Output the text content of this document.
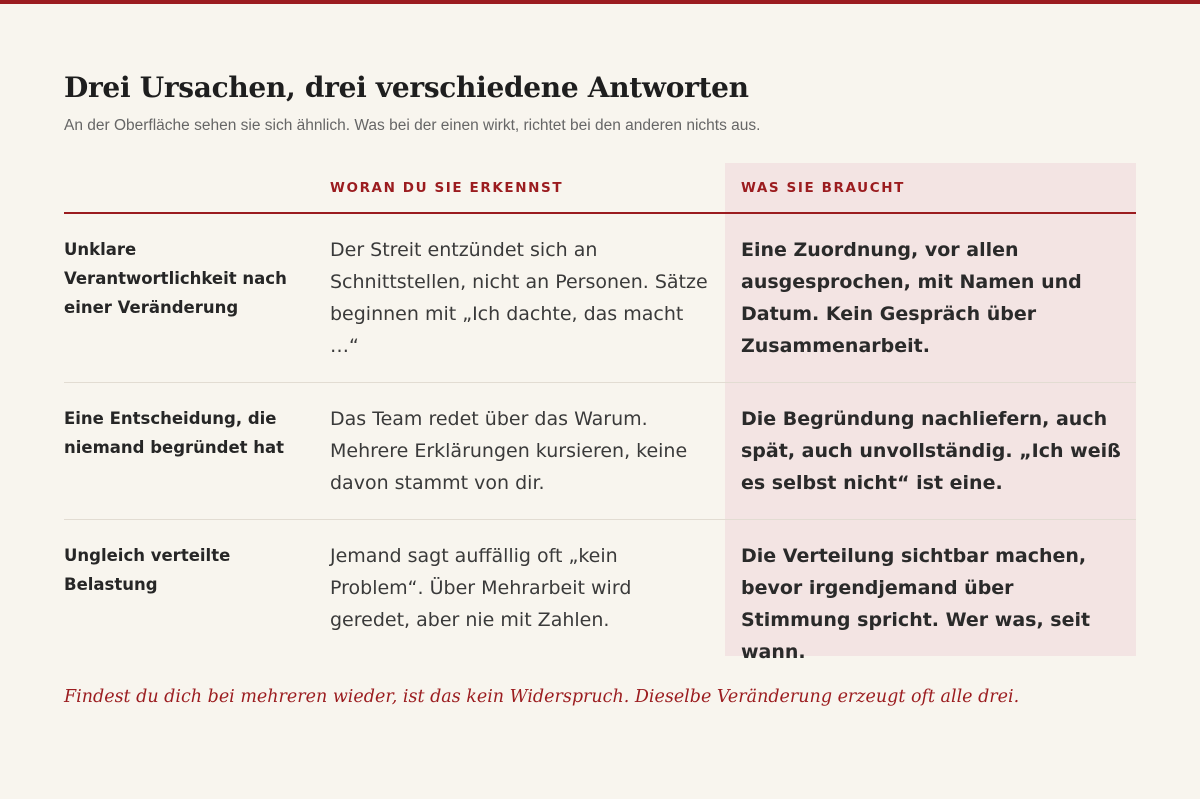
Drei Ursachen, drei verschiedene Antworten
An der Oberfläche sehen sie sich ähnlich. Was bei der einen wirkt, richtet bei den anderen nichts aus.
WORAN DU SIE ERKENNST	WAS SIE BRAUCHT
Unklare Verantwortlichkeit nach einer Veränderung
Der Streit entzündet sich an Schnittstellen, nicht an Personen. Sätze beginnen mit „Ich dachte, das macht …“
Eine Zuordnung, vor allen ausgesprochen, mit Namen und Datum. Kein Gespräch über Zusammenarbeit.
Eine Entscheidung, die niemand begründet hat
Das Team redet über das Warum. Mehrere Erklärungen kursieren, keine davon stammt von dir.
Die Begründung nachliefern, auch spät, auch unvollständig. „Ich weiß es selbst nicht“ ist eine.
Ungleich verteilte Belastung
Jemand sagt auffällig oft „kein Problem“. Über Mehrarbeit wird geredet, aber nie mit Zahlen.
Die Verteilung sichtbar machen, bevor irgendjemand über Stimmung spricht. Wer was, seit wann.
Findest du dich bei mehreren wieder, ist das kein Widerspruch. Dieselbe Veränderung erzeugt oft alle drei.
